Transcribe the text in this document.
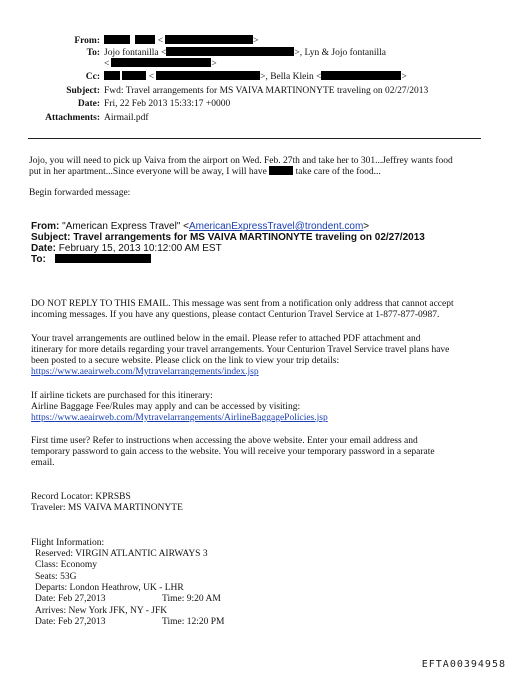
From:	<	>
To: Jojo fontanilla <	>, Lyn & Jojo fontanilla
<	>
Cc:	<	>, Bella Klein <	>
Subject: Fwd: Travel arrangements for MS VAIVA MARTINONYTE traveling on 02/27/2013
Date: Fri, 22 Feb 2013 15:33:17 +0000
Attachments: Airmail.pdf
Jojo, you will need to pick up Vaiva from the airport on Wed. Feb. 27th and take her to 301...Jeffrey wants food
put in her apartment...Since everyone will be away, I will have	take care of the food...
Begin forwarded message:
From: "American Express Travel" <AmericanExpressTravel@trondent.com>
Subject: Travel arrangements for MS VAIVA MARTINONYTE traveling on 02/27/2013
Date: February 15, 2013 10:12:00 AM EST
To:
DO NOT REPLY TO THIS EMAIL. This message was sent from a notification only address that cannot accept
incoming messages. If you have any questions, please contact Centurion Travel Service at 1-877-877-0987.
Your travel arrangements are outlined below in the email. Please refer to attached PDF attachment and
itinerary for more details regarding your travel arrangements. Your Centurion Travel Service travel plans have
been posted to a secure website. Please click on the link to view your trip details:
https://www.aeairweb.com/Mytravelarrangements/index.jsp
If airline tickets are purchased for this itinerary:
Airline Baggage Fee/Rules may apply and can be accessed by visiting:
https://www.aeairweb.com/Mytravelarrangements/AirlineBaggagePolicies.jsp
First time user? Refer to instructions when accessing the above website. Enter your email address and
temporary password to gain access to the website. You will receive your temporary password in a separate
email.
Record Locator: KPRSBS
Traveler: MS VAIVA MARTINONYTE
Flight Information:
Reserved: VIRGIN ATLANTIC AIRWAYS 3
Class: Economy
Seats: 53G
Departs: London Heathrow, UK - LHR
Date: Feb 27,2013	Time: 9:20 AM
Arrives: New York JFK, NY - JFK
Date: Feb 27,2013	Time: 12:20 PM
EFTA00394958
